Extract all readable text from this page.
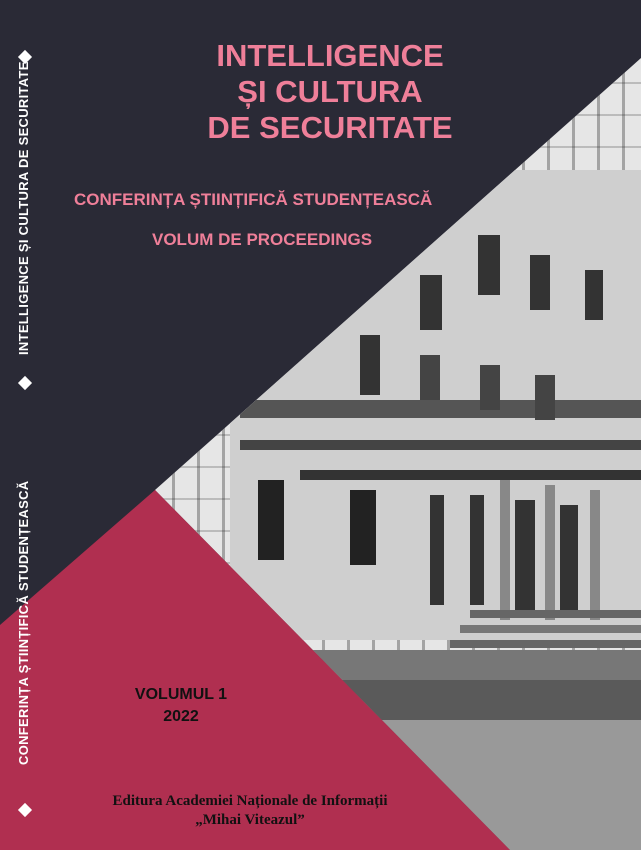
INTELLIGENCE ȘI CULTURA DE SECURITATE
CONFERINȚA ȘTIINȚIFICĂ STUDENȚEASCĂ
INTELLIGENCE
ȘI CULTURA
DE SECURITATE
CONFERINȚA ȘTIINȚIFICĂ STUDENȚEASCĂ
VOLUM DE PROCEEDINGS
VOLUMUL 1
2022
Editura Academiei Naționale de Informații
„Mihai Viteazul”
